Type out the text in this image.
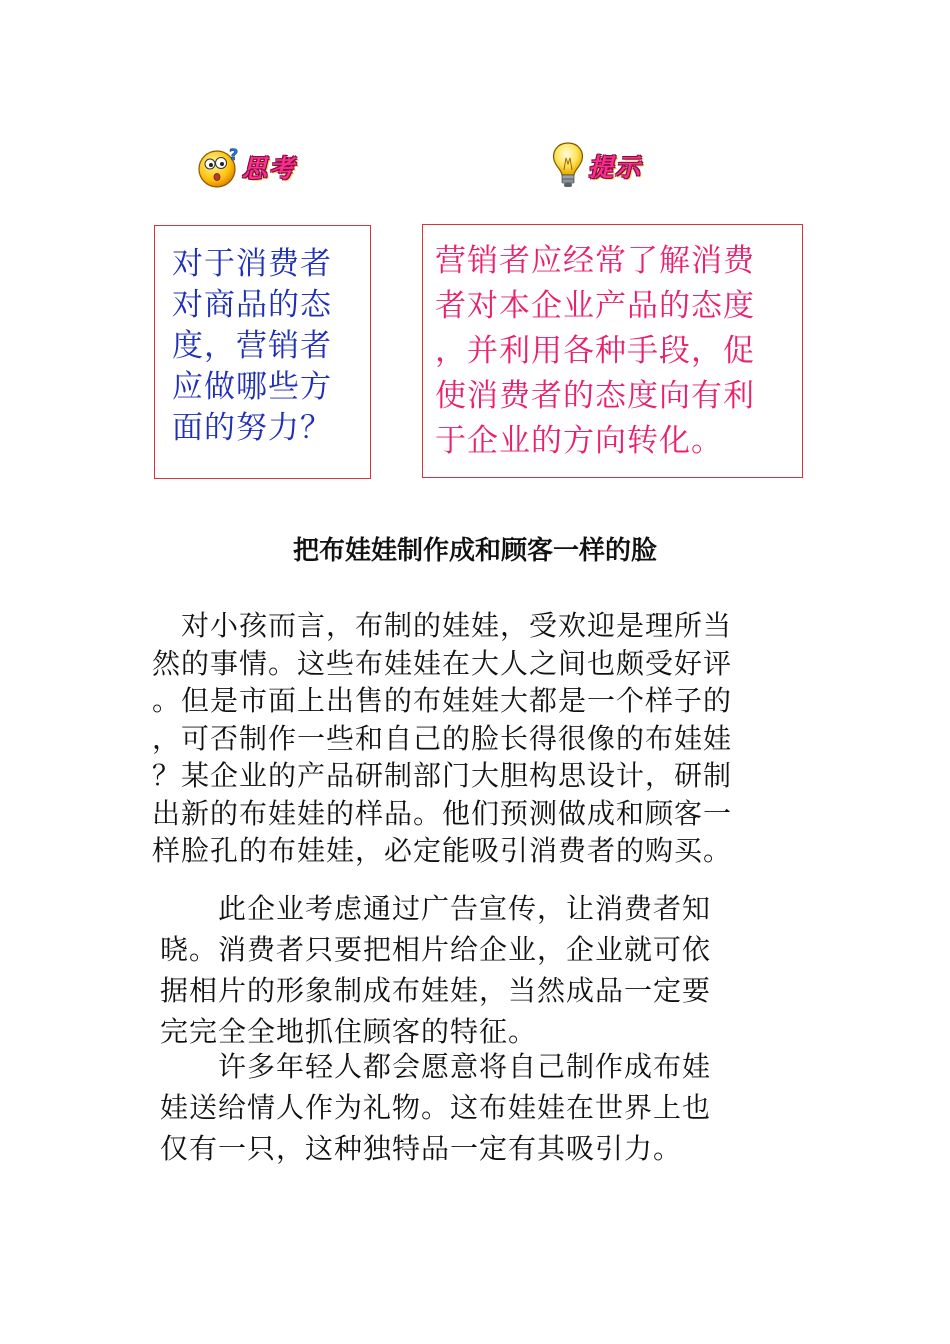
? 思考	提示
对于消费者
对商品的态
度，营销者
应做哪些方
面的努力？
营销者应经常了解消费
者对本企业产品的态度
，并利用各种手段，促
使消费者的态度向有利
于企业的方向转化。
把布娃娃制作成和顾客一样的脸

　对小孩而言，布制的娃娃，受欢迎是理所当

然的事情。这些布娃娃在大人之间也颇受好评

。但是市面上出售的布娃娃大都是一个样子的

，可否制作一些和自己的脸长得很像的布娃娃

？某企业的产品研制部门大胆构思设计，研制

出新的布娃娃的样品。他们预测做成和顾客一

样脸孔的布娃娃，必定能吸引消费者的购买。

　　此企业考虑通过广告宣传，让消费者知

晓。消费者只要把相片给企业，企业就可依

据相片的形象制成布娃娃，当然成品一定要

完完全全地抓住顾客的特征。

　　许多年轻人都会愿意将自己制作成布娃

娃送给情人作为礼物。这布娃娃在世界上也

仅有一只，这种独特品一定有其吸引力。
